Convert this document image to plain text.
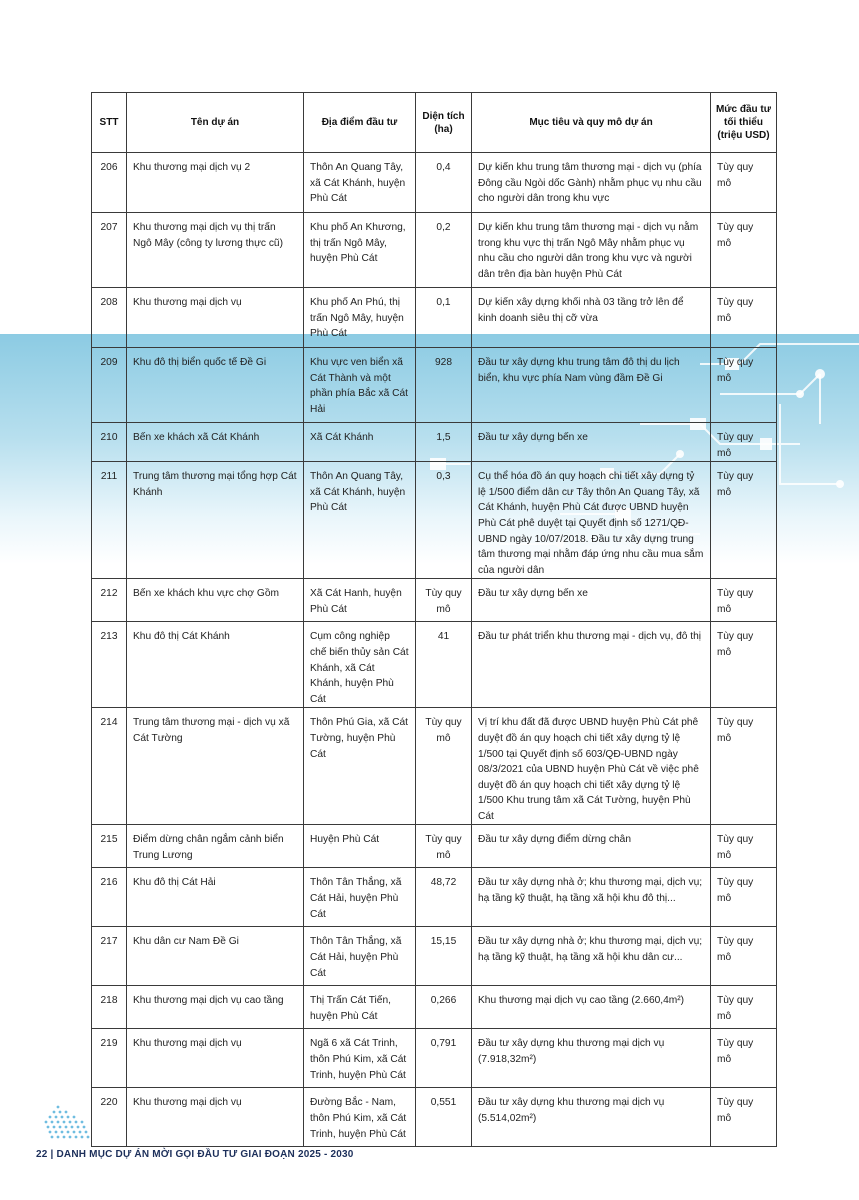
STT	Tên dự án	Địa điểm đầu tư	Diện tích (ha)	Mục tiêu và quy mô dự án	Mức đầu tư tối thiểu (triệu USD)
206	Khu thương mại dịch vụ 2	Thôn An Quang Tây, xã Cát Khánh, huyện Phù Cát	0,4	Dự kiến khu trung tâm thương mại - dịch vụ (phía Đông cầu Ngòi dốc Gành) nhằm phục vụ nhu cầu cho người dân trong khu vực	Tùy quy mô
207	Khu thương mại dịch vụ thị trấn Ngô Mây (công ty lương thực cũ)	Khu phố An Khương, thị trấn Ngô Mây, huyện Phù Cát	0,2	Dự kiến khu trung tâm thương mại - dịch vụ nằm trong khu vực thị trấn Ngô Mây nhằm phục vụ nhu cầu cho người dân trong khu vực và người dân trên địa bàn huyện Phù Cát	Tùy quy mô
208	Khu thương mại dịch vụ	Khu phố An Phú, thị trấn Ngô Mây, huyện Phù Cát	0,1	Dự kiến xây dựng khối nhà 03 tầng trở lên để kinh doanh siêu thị cỡ vừa	Tùy quy mô
209	Khu đô thị biển quốc tế Đề Gi	Khu vực ven biển xã Cát Thành và một phần phía Bắc xã Cát Hải	928	Đầu tư xây dựng khu trung tâm đô thị du lịch biển, khu vực phía Nam vùng đầm Đề Gi	Tùy quy mô
210	Bến xe khách xã Cát Khánh	Xã Cát Khánh	1,5	Đầu tư xây dựng bến xe	Tùy quy mô
211	Trung tâm thương mại tổng hợp Cát Khánh	Thôn An Quang Tây, xã Cát Khánh, huyện Phù Cát	0,3	Cụ thể hóa đồ án quy hoạch chi tiết xây dựng tỷ lệ 1/500 điểm dân cư Tây thôn An Quang Tây, xã Cát Khánh, huyện Phù Cát được UBND huyện Phù Cát phê duyệt tại Quyết định số 1271/QĐ-UBND ngày 10/07/2018. Đầu tư xây dựng trung tâm thương mại nhằm đáp ứng nhu cầu mua sắm của người dân	Tùy quy mô
212	Bến xe khách khu vực chợ Gồm	Xã Cát Hanh, huyện Phù Cát	Tùy quy mô	Đầu tư xây dựng bến xe	Tùy quy mô
213	Khu đô thị Cát Khánh	Cụm công nghiệp chế biến thủy sản Cát Khánh, xã Cát Khánh, huyện Phù Cát	41	Đầu tư phát triển khu thương mại - dịch vụ, đô thị	Tùy quy mô
214	Trung tâm thương mại - dịch vụ xã Cát Tường	Thôn Phú Gia, xã Cát Tường, huyện Phù Cát	Tùy quy mô	Vị trí khu đất đã được UBND huyện Phù Cát phê duyệt đồ án quy hoạch chi tiết xây dựng tỷ lệ 1/500 tại Quyết định số 603/QĐ-UBND ngày 08/3/2021 của UBND huyện Phù Cát về việc phê duyệt đồ án quy hoạch chi tiết xây dựng tỷ lệ 1/500 Khu trung tâm xã Cát Tường, huyện Phù Cát	Tùy quy mô
215	Điểm dừng chân ngắm cảnh biển Trung Lương	Huyện Phù Cát	Tùy quy mô	Đầu tư xây dựng điểm dừng chân	Tùy quy mô
216	Khu đô thị Cát Hải	Thôn Tân Thắng, xã Cát Hải, huyện Phù Cát	48,72	Đầu tư xây dựng nhà ở; khu thương mại, dịch vụ; hạ tầng kỹ thuật, hạ tầng xã hội khu đô thị...	Tùy quy mô
217	Khu dân cư Nam Đề Gi	Thôn Tân Thắng, xã Cát Hải, huyện Phù Cát	15,15	Đầu tư xây dựng nhà ở; khu thương mại, dịch vụ; hạ tầng kỹ thuật, hạ tầng xã hội khu dân cư...	Tùy quy mô
218	Khu thương mại dịch vụ cao tầng	Thị Trấn Cát Tiến, huyện Phù Cát	0,266	Khu thương mại dịch vụ cao tầng (2.660,4m²)	Tùy quy mô
219	Khu thương mại dịch vụ	Ngã 6 xã Cát Trinh, thôn Phú Kim, xã Cát Trinh, huyện Phù Cát	0,791	Đầu tư xây dựng khu thương mại dịch vụ (7.918,32m²)	Tùy quy mô
220	Khu thương mại dịch vụ	Đường Bắc - Nam, thôn Phú Kim, xã Cát Trinh, huyện Phù Cát	0,551	Đầu tư xây dựng khu thương mại dịch vụ (5.514,02m²)	Tùy quy mô
22 | DANH MỤC DỰ ÁN MỜI GỌI ĐẦU TƯ GIAI ĐOẠN 2025 - 2030
